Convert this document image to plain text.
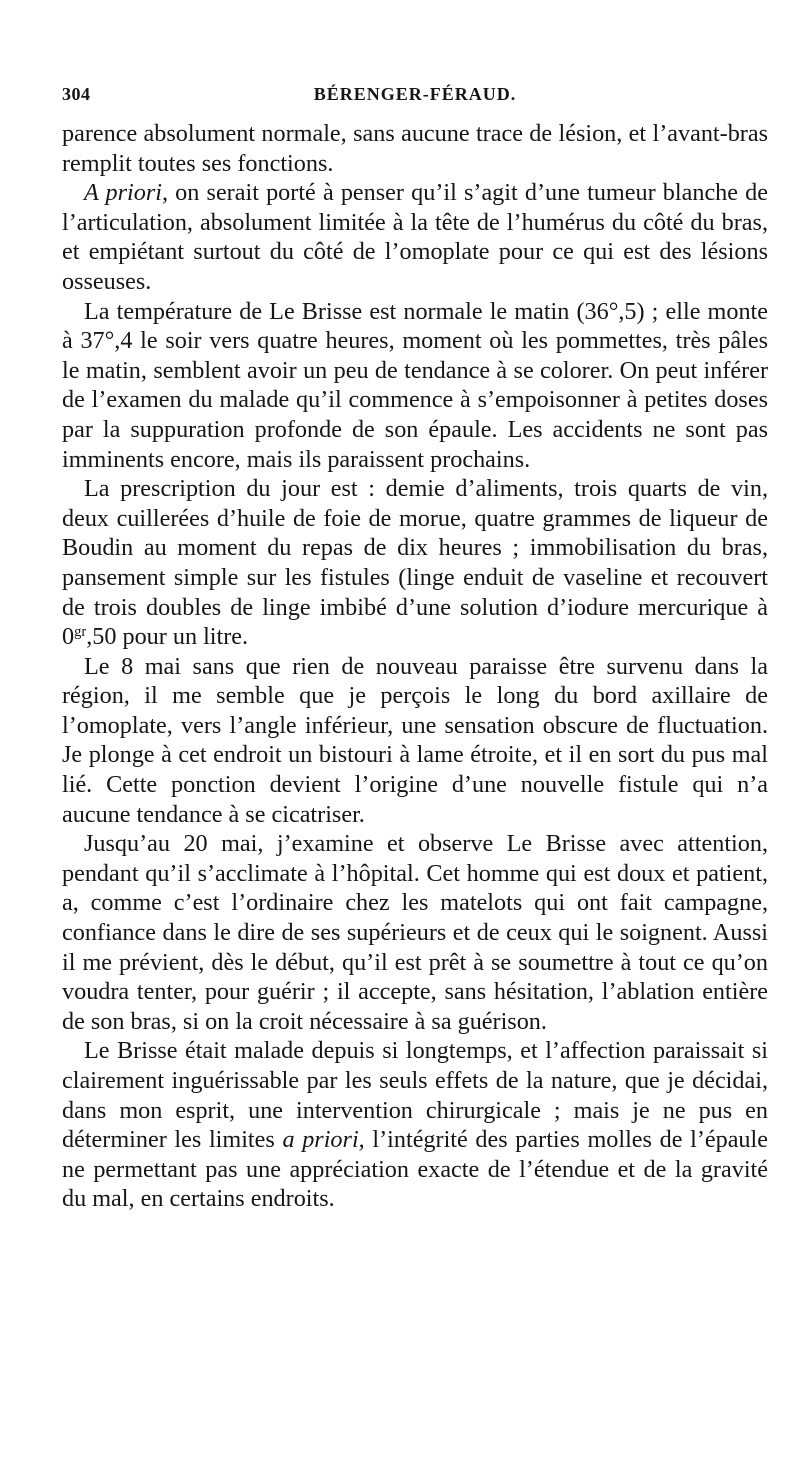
304	BÉRENGER-FÉRAUD.

parence absolument normale, sans aucune trace de lésion, et l’avant-bras remplit toutes ses fonctions.

A priori, on serait porté à penser qu’il s’agit d’une tumeur blanche de l’articulation, absolument limitée à la tête de l’humérus du côté du bras, et empiétant surtout du côté de l’omoplate pour ce qui est des lésions osseuses.

La température de Le Brisse est normale le matin (36°,5) ; elle monte à 37°,4 le soir vers quatre heures, moment où les pommettes, très pâles le matin, semblent avoir un peu de tendance à se colorer. On peut inférer de l’examen du malade qu’il commence à s’empoisonner à petites doses par la suppuration profonde de son épaule. Les accidents ne sont pas imminents encore, mais ils paraissent prochains.

La prescription du jour est : demie d’aliments, trois quarts de vin, deux cuillerées d’huile de foie de morue, quatre grammes de liqueur de Boudin au moment du repas de dix heures ; immobilisation du bras, pansement simple sur les fistules (linge enduit de vaseline et recouvert de trois doubles de linge imbibé d’une solution d’iodure mercurique à $0^{gr},50$ pour un litre.

Le 8 mai sans que rien de nouveau paraisse être survenu dans la région, il me semble que je perçois le long du bord axillaire de l’omoplate, vers l’angle inférieur, une sensation obscure de fluctuation. Je plonge à cet endroit un bistouri à lame étroite, et il en sort du pus mal lié. Cette ponction devient l’origine d’une nouvelle fistule qui n’a aucune tendance à se cicatriser.

Jusqu’au 20 mai, j’examine et observe Le Brisse avec attention, pendant qu’il s’acclimate à l’hôpital. Cet homme qui est doux et patient, a, comme c’est l’ordinaire chez les matelots qui ont fait campagne, confiance dans le dire de ses supérieurs et de ceux qui le soignent. Aussi il me prévient, dès le début, qu’il est prêt à se soumettre à tout ce qu’on voudra tenter, pour guérir ; il accepte, sans hésitation, l’ablation entière de son bras, si on la croit nécessaire à sa guérison.

Le Brisse était malade depuis si longtemps, et l’affection paraissait si clairement inguérissable par les seuls effets de la nature, que je décidai, dans mon esprit, une intervention chirurgicale ; mais je ne pus en déterminer les limites a priori, l’intégrité des parties molles de l’épaule ne permettant pas une appréciation exacte de l’étendue et de la gravité du mal, en certains endroits.
